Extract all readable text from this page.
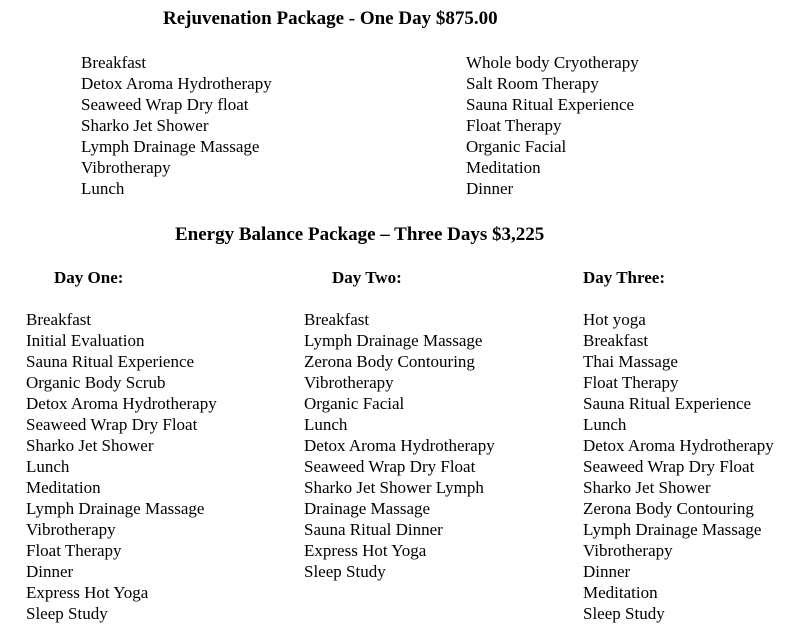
Rejuvenation Package - One Day $875.00
Breakfast
Detox Aroma Hydrotherapy
Seaweed Wrap Dry float
Sharko Jet Shower
Lymph Drainage Massage
Vibrotherapy
Lunch
Whole body Cryotherapy
Salt Room Therapy
Sauna Ritual Experience
Float Therapy
Organic Facial
Meditation
Dinner
Energy Balance Package – Three Days $3,225
Day One:	Day Two:	Day Three:
Breakfast
Initial Evaluation
Sauna Ritual Experience
Organic Body Scrub
Detox Aroma Hydrotherapy
Seaweed Wrap Dry Float
Sharko Jet Shower
Lunch
Meditation
Lymph Drainage Massage
Vibrotherapy
Float Therapy
Dinner
Express Hot Yoga
Sleep Study
Breakfast
Lymph Drainage Massage
Zerona Body Contouring
Vibrotherapy
Organic Facial
Lunch
Detox Aroma Hydrotherapy
Seaweed Wrap Dry Float
Sharko Jet Shower Lymph
Drainage Massage
Sauna Ritual Dinner
Express Hot Yoga
Sleep Study
Hot yoga
Breakfast
Thai Massage
Float Therapy
Sauna Ritual Experience
Lunch
Detox Aroma Hydrotherapy
Seaweed Wrap Dry Float
Sharko Jet Shower
Zerona Body Contouring
Lymph Drainage Massage
Vibrotherapy
Dinner
Meditation
Sleep Study
